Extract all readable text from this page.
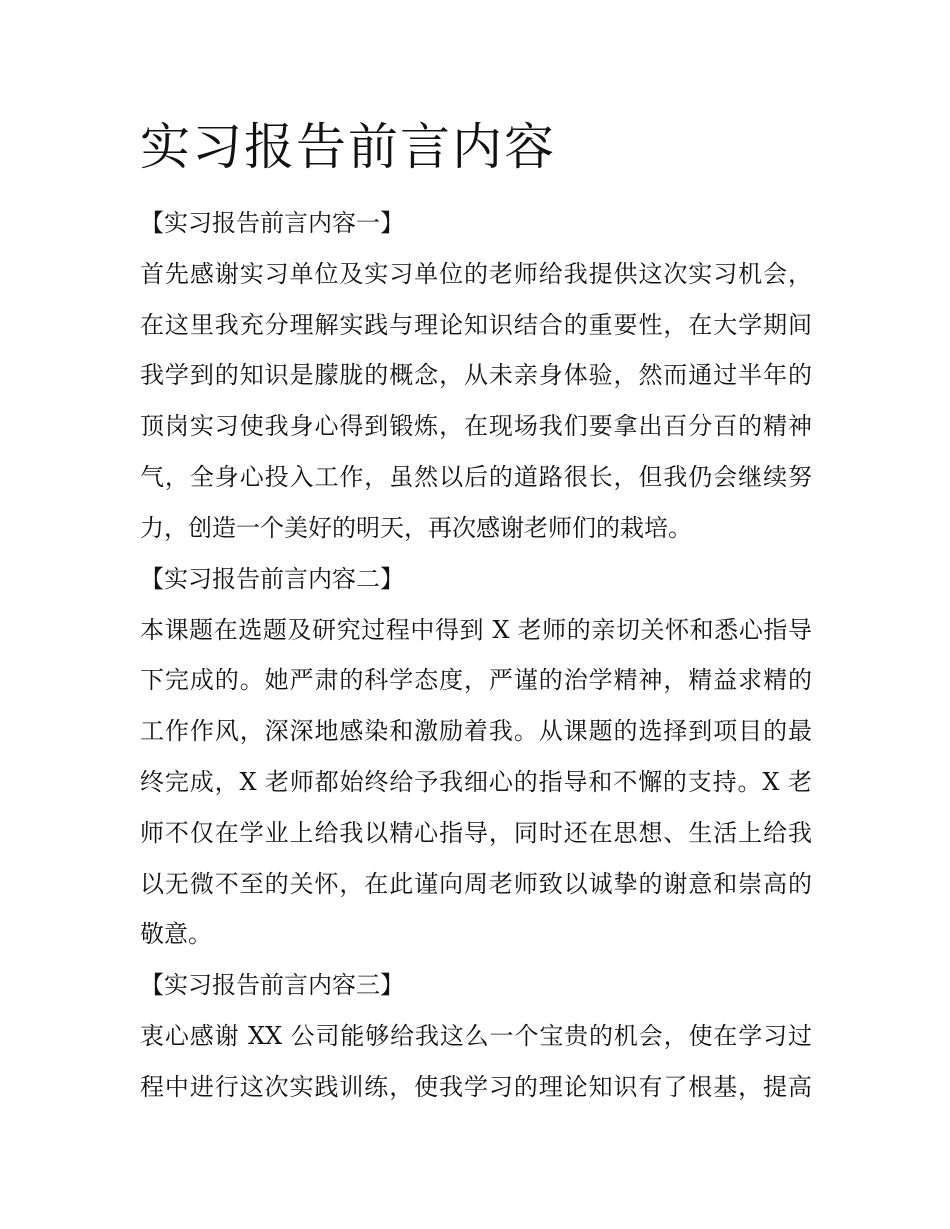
实习报告前言内容
【实习报告前言内容一】
首先感谢实习单位及实习单位的老师给我提供这次实习机会，
在这里我充分理解实践与理论知识结合的重要性，在大学期间
我学到的知识是朦胧的概念，从未亲身体验，然而通过半年的
顶岗实习使我身心得到锻炼，在现场我们要拿出百分百的精神
气，全身心投入工作，虽然以后的道路很长，但我仍会继续努
力，创造一个美好的明天，再次感谢老师们的栽培。
【实习报告前言内容二】
本课题在选题及研究过程中得到 X 老师的亲切关怀和悉心指导
下完成的。她严肃的科学态度，严谨的治学精神，精益求精的
工作作风，深深地感染和激励着我。从课题的选择到项目的最
终完成，X 老师都始终给予我细心的指导和不懈的支持。X 老
师不仅在学业上给我以精心指导，同时还在思想、生活上给我
以无微不至的关怀，在此谨向周老师致以诚挚的谢意和崇高的
敬意。
【实习报告前言内容三】
衷心感谢 XX 公司能够给我这么一个宝贵的机会，使在学习过
程中进行这次实践训练，使我学习的理论知识有了根基，提高
